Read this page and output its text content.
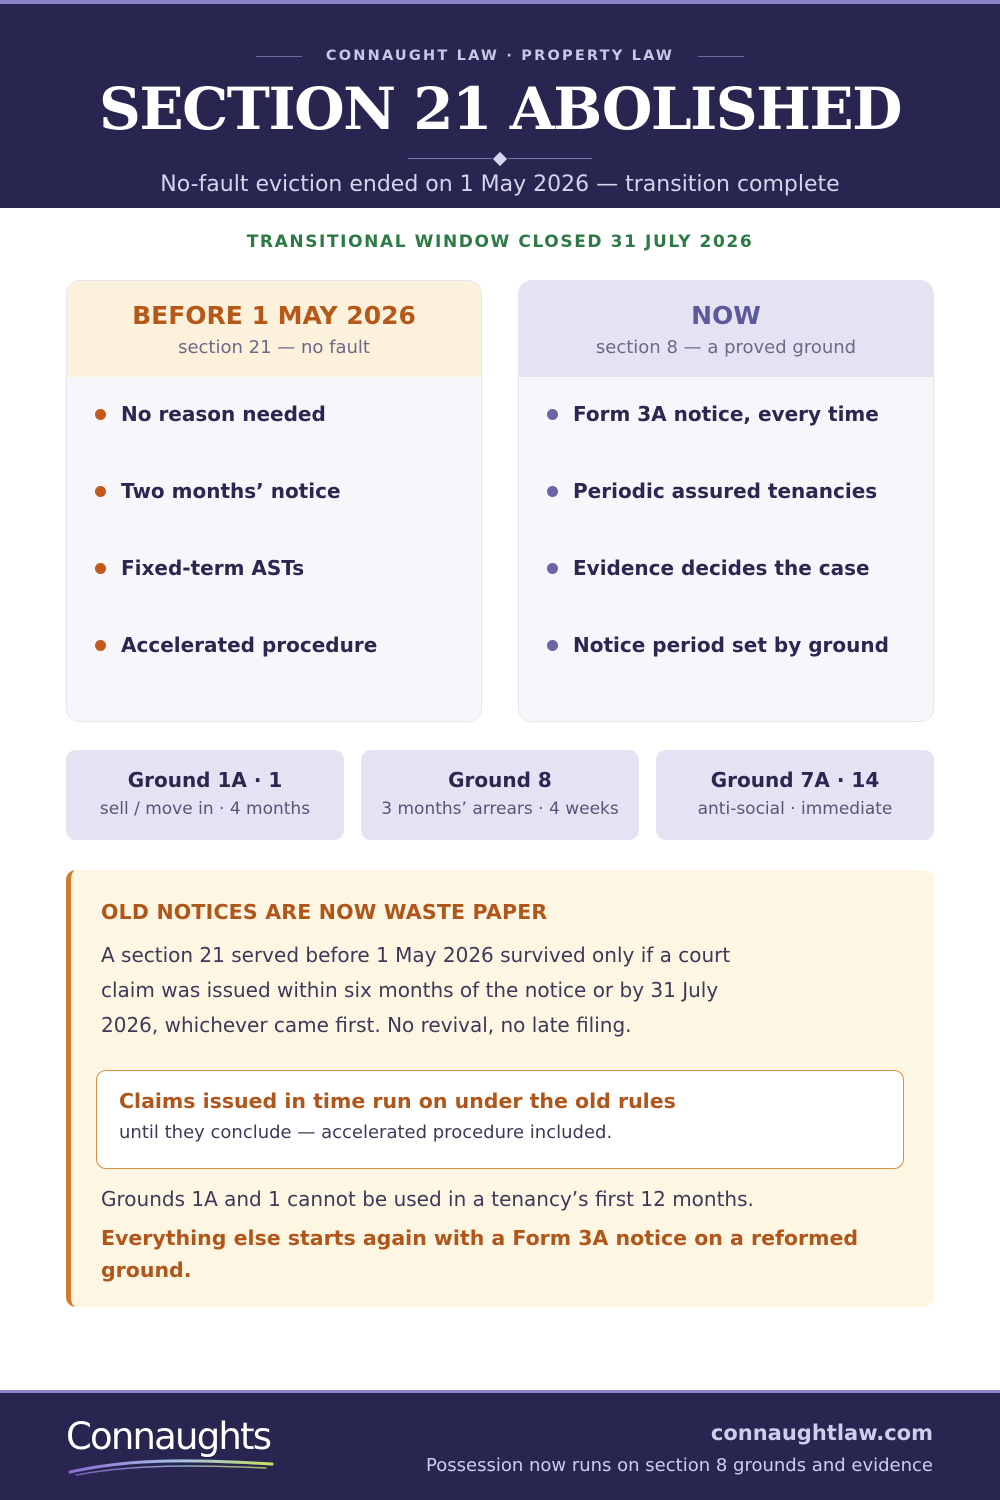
CONNAUGHT LAW · PROPERTY LAW
SECTION 21 ABOLISHED
No-fault eviction ended on 1 May 2026 — transition complete
TRANSITIONAL WINDOW CLOSED 31 JULY 2026
BEFORE 1 MAY 2026
section 21 — no fault
No reason needed
Two months’ notice
Fixed-term ASTs
Accelerated procedure
NOW
section 8 — a proved ground
Form 3A notice, every time
Periodic assured tenancies
Evidence decides the case
Notice period set by ground
Ground 1A · 1
sell / move in · 4 months
Ground 8
3 months’ arrears · 4 weeks
Ground 7A · 14
anti-social · immediate
OLD NOTICES ARE NOW WASTE PAPER
A section 21 served before 1 May 2026 survived only if a court
claim was issued within six months of the notice or by 31 July
2026, whichever came first. No revival, no late filing.
Claims issued in time run on under the old rules
until they conclude — accelerated procedure included.
Grounds 1A and 1 cannot be used in a tenancy’s first 12 months.
Everything else starts again with a Form 3A notice on a reformed ground.
Connaughts	connaughtlaw.com
Possession now runs on section 8 grounds and evidence
